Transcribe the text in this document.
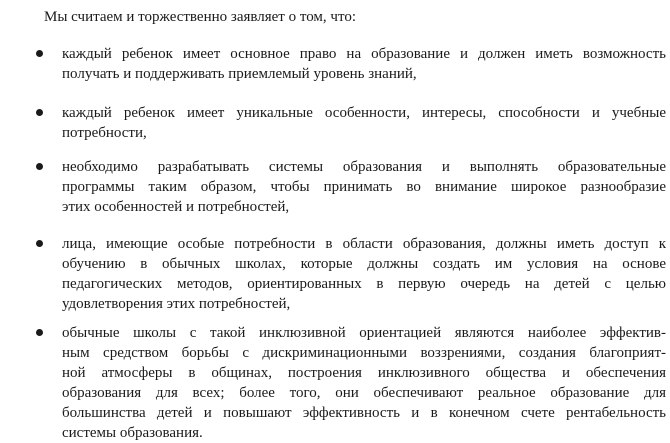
Мы считаем и торжественно заявляет о том, что:

каждый ребенок имеет основное право на образование и должен иметь возможность
получать и поддерживать приемлемый уровень знаний,
каждый ребенок имеет уникальные особенности, интересы, способности и учебные
потребности,
необходимо разрабатывать системы образования и выполнять образовательные
программы таким образом, чтобы принимать во внимание широкое разнообразие
этих особенностей и потребностей,
лица, имеющие особые потребности в области образования, должны иметь доступ к
обучению в обычных школах, которые должны создать им условия на основе
педагогических методов, ориентированных в первую очередь на детей с целью
удовлетворения этих потребностей,
обычные школы с такой инклюзивной ориентацией являются наиболее эффектив-
ным средством борьбы с дискриминационными воззрениями, создания благоприят-
ной атмосферы в общинах, построения инклюзивного общества и обеспечения
образования для всех; более того, они обеспечивают реальное образование для
большинства детей и повышают эффективность и в конечном счете рентабельность
системы образования.
